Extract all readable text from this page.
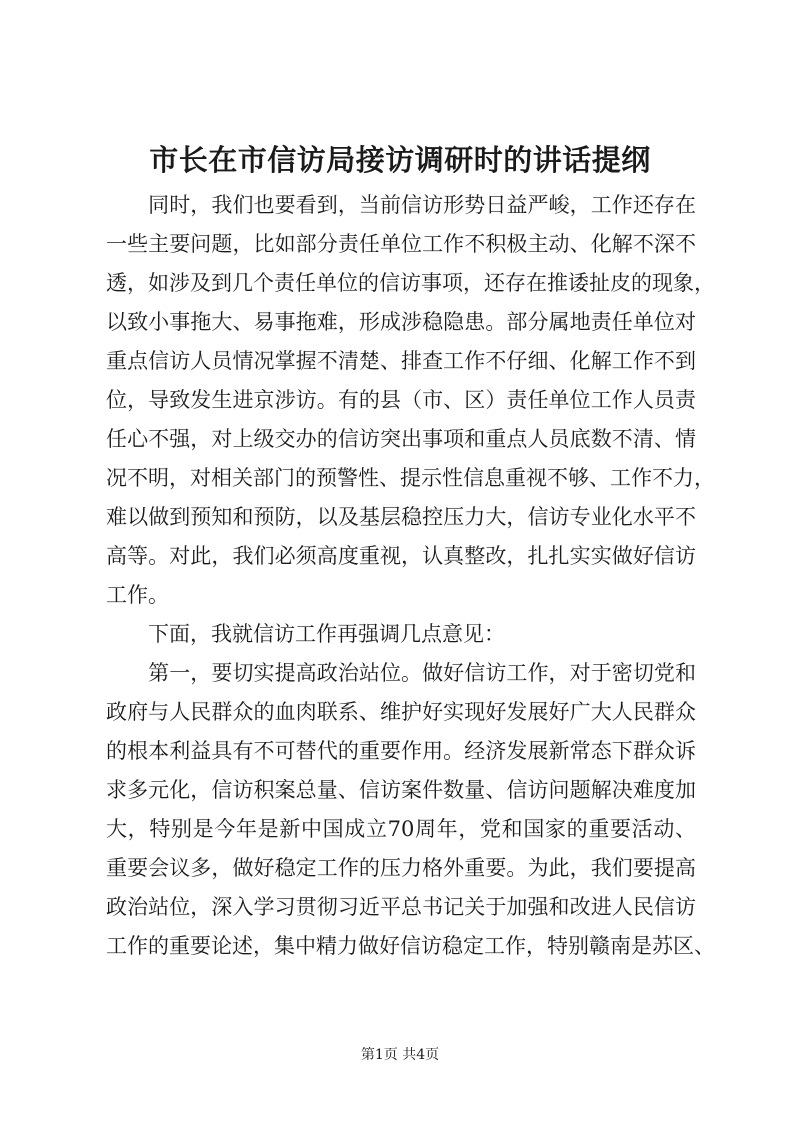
市长在市信访局接访调研时的讲话提纲
　　同时，我们也要看到，当前信访形势日益严峻，工作还存在
一些主要问题，比如部分责任单位工作不积极主动、化解不深不
透，如涉及到几个责任单位的信访事项，还存在推诿扯皮的现象，
以致小事拖大、易事拖难，形成涉稳隐患。部分属地责任单位对
重点信访人员情况掌握不清楚、排查工作不仔细、化解工作不到
位，导致发生进京涉访。有的县（市、区）责任单位工作人员责
任心不强，对上级交办的信访突出事项和重点人员底数不清、情
况不明，对相关部门的预警性、提示性信息重视不够、工作不力，
难以做到预知和预防，以及基层稳控压力大，信访专业化水平不
高等。对此，我们必须高度重视，认真整改，扎扎实实做好信访
工作。
　　下面，我就信访工作再强调几点意见：
　　第一，要切实提高政治站位。做好信访工作，对于密切党和
政府与人民群众的血肉联系、维护好实现好发展好广大人民群众
的根本利益具有不可替代的重要作用。经济发展新常态下群众诉
求多元化，信访积案总量、信访案件数量、信访问题解决难度加
大，特别是今年是新中国成立70周年，党和国家的重要活动、
重要会议多，做好稳定工作的压力格外重要。为此，我们要提高
政治站位，深入学习贯彻习近平总书记关于加强和改进人民信访
工作的重要论述，集中精力做好信访稳定工作，特别赣南是苏区、
第1页 共4页
